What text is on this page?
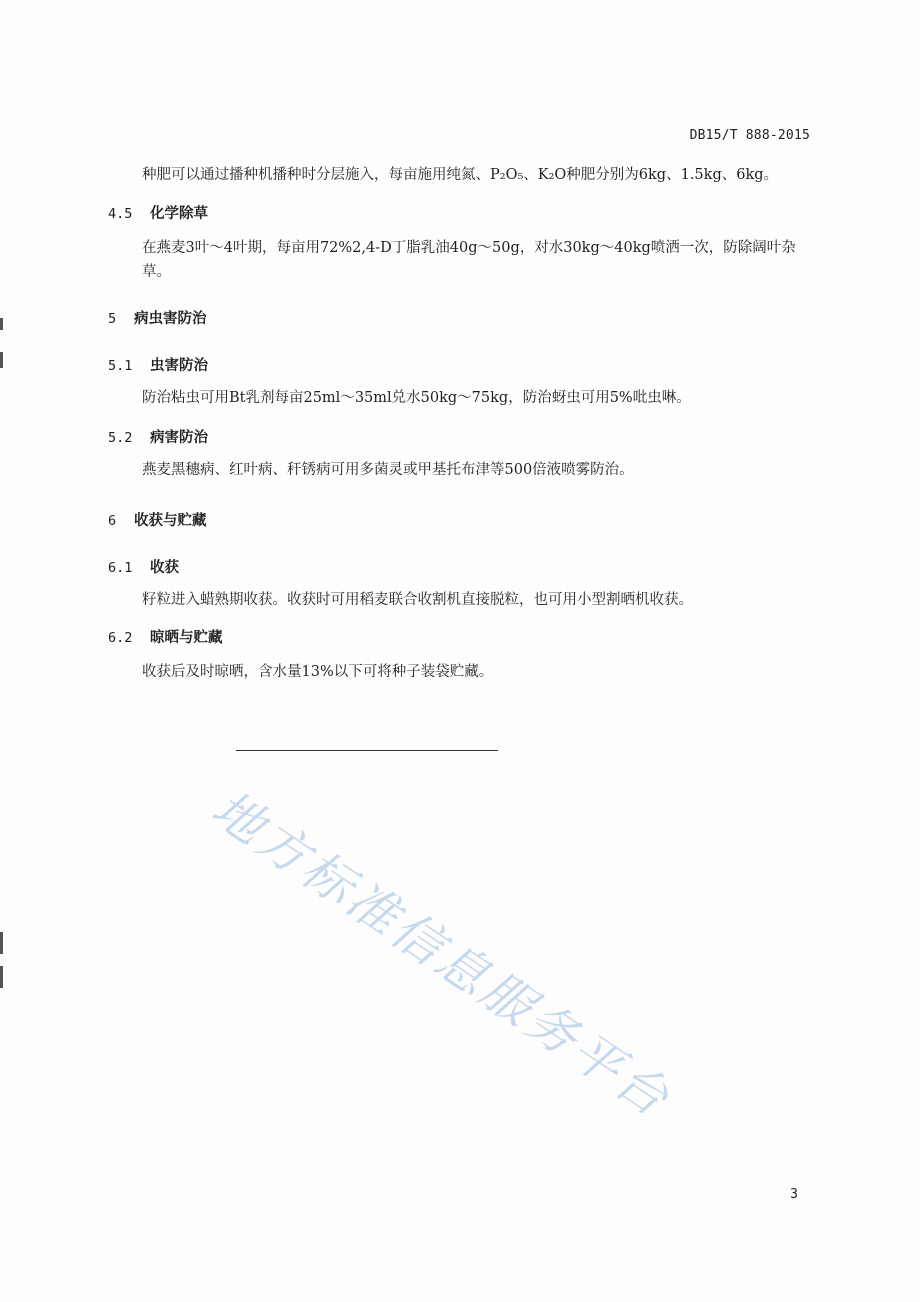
DB15/T 888-2015
种肥可以通过播种机播种时分层施入，每亩施用纯氮、P₂O₅、K₂O种肥分别为6kg、1.5kg、6kg。
4.5 化学除草
在燕麦3叶～4叶期，每亩用72%2,4-D丁脂乳油40g～50g，对水30kg～40kg喷洒一次，防除阔叶杂草。
5 病虫害防治
5.1 虫害防治
防治粘虫可用Bt乳剂每亩25ml～35ml兑水50kg～75kg，防治蚜虫可用5%吡虫啉。
5.2 病害防治
燕麦黑穗病、红叶病、秆锈病可用多菌灵或甲基托布津等500倍液喷雾防治。
6 收获与贮藏
6.1 收获
籽粒进入蜡熟期收获。收获时可用稻麦联合收割机直接脱粒，也可用小型割晒机收获。
6.2 晾晒与贮藏
收获后及时晾晒，含水量13%以下可将种子装袋贮藏。
地方标准信息服务平台
3
